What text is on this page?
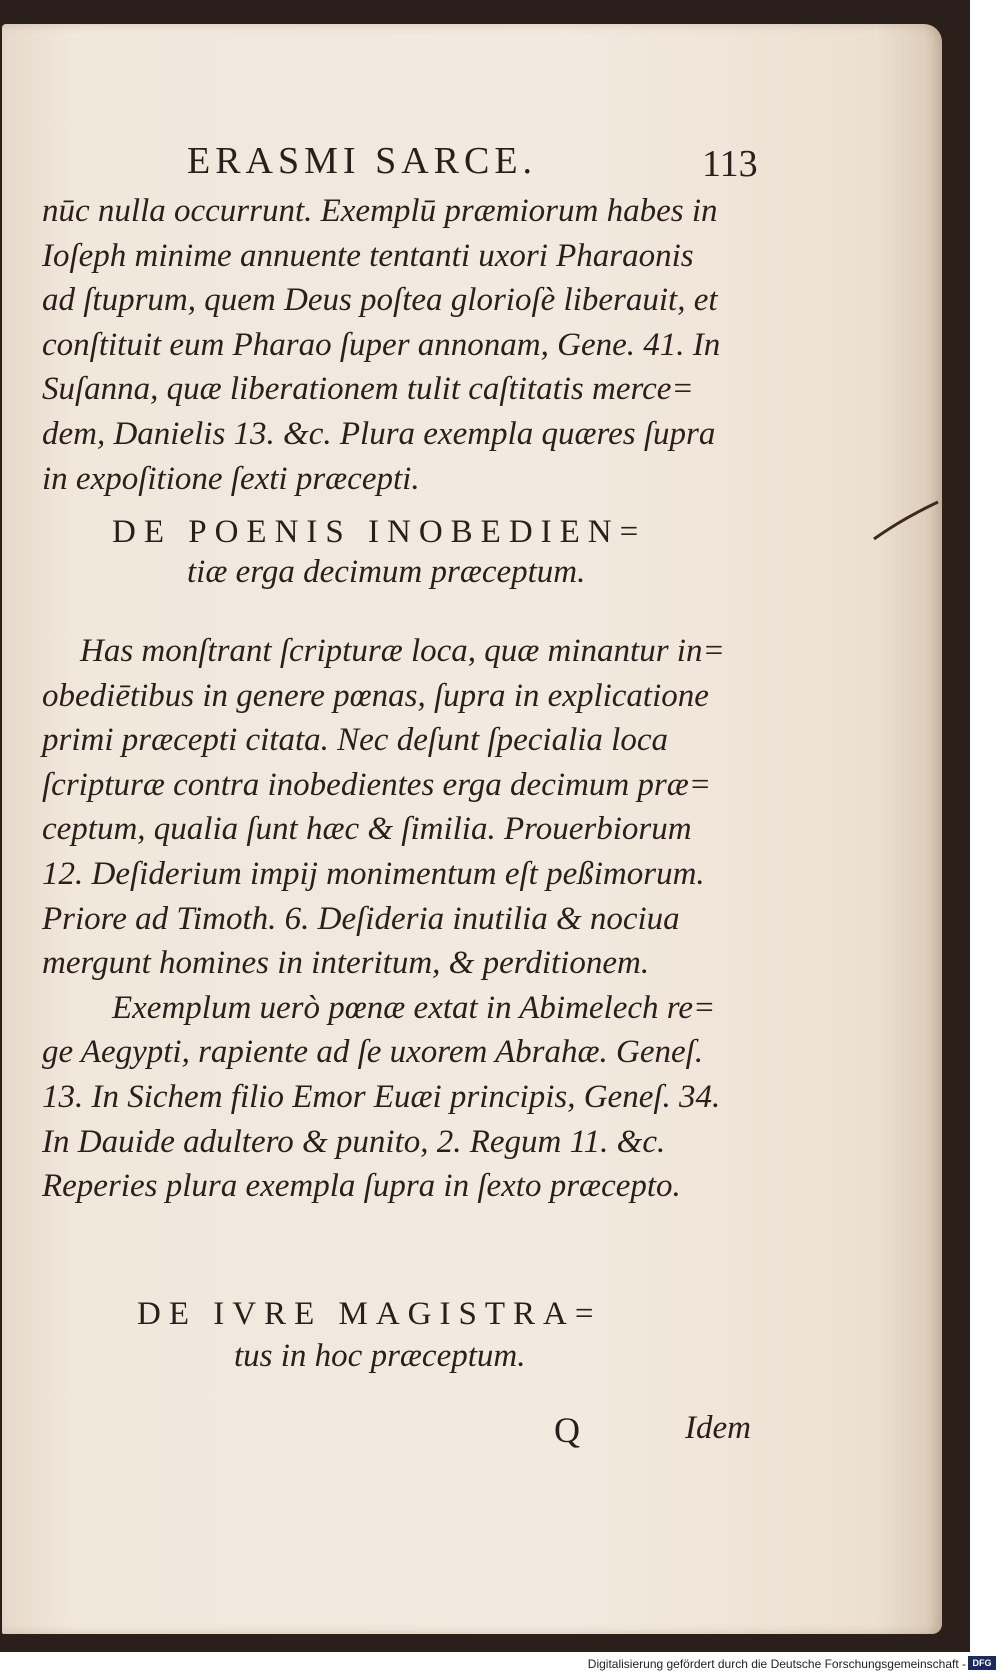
ERASMI SARCE.	113
nūc nulla occurrunt. Exemplū præmiorum habes in
Ioſeph minime annuente tentanti uxori Pharaonis
ad ſtuprum, quem Deus poſtea glorioſè liberauit, et
conſtituit eum Pharao ſuper annonam, Gene. 41. In
Suſanna, quæ liberationem tulit caſtitatis merce=
dem, Danielis 13. &c. Plura exempla quæres ſupra
in expoſitione ſexti præcepti.
DE POENIS INOBEDIEN=
tiæ erga decimum præceptum.
Has monſtrant ſcripturæ loca, quæ minantur in=
obediētibus in genere pœnas, ſupra in explicatione
primi præcepti citata. Nec deſunt ſpecialia loca
ſcripturæ contra inobedientes erga decimum præ=
ceptum, qualia ſunt hæc & ſimilia. Prouerbiorum
12. Deſiderium impij monimentum eſt peßimorum.
Priore ad Timoth. 6. Deſideria inutilia & nociua
mergunt homines in interitum, & perditionem.
Exemplum uerò pœnæ extat in Abimelech re=
ge Aegypti, rapiente ad ſe uxorem Abrahæ. Geneſ.
13. In Sichem filio Emor Euæi principis, Geneſ. 34.
In Dauide adultero & punito, 2. Regum 11. &c.
Reperies plura exempla ſupra in ſexto præcepto.
DE IVRE MAGISTRA=
tus in hoc præceptum.
Q	Idem
Digitalisierung gefördert durch die Deutsche Forschungsgemeinschaft - DFG
